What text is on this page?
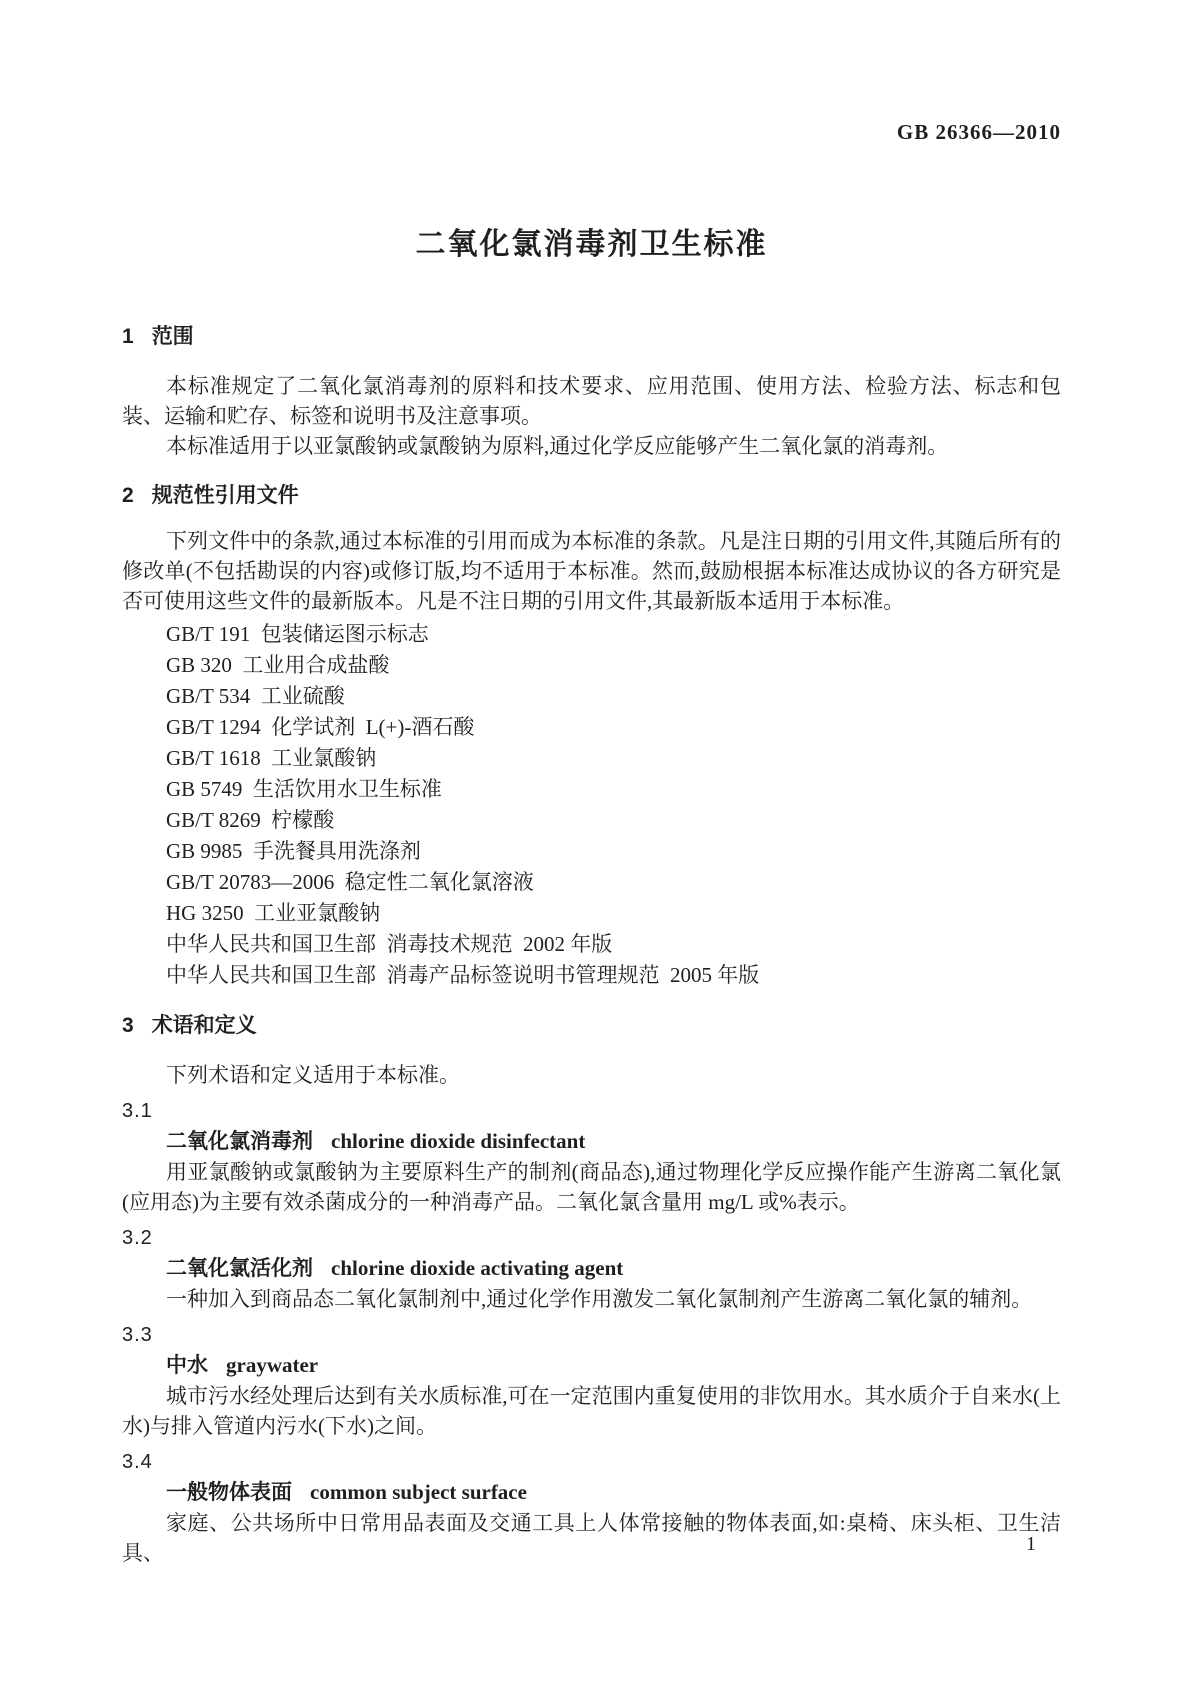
GB 26366—2010
二氧化氯消毒剂卫生标准
1 范围

本标准规定了二氧化氯消毒剂的原料和技术要求、应用范围、使用方法、检验方法、标志和包装、运输和贮存、标签和说明书及注意事项。

本标准适用于以亚氯酸钠或氯酸钠为原料,通过化学反应能够产生二氧化氯的消毒剂。

2 规范性引用文件

下列文件中的条款,通过本标准的引用而成为本标准的条款。凡是注日期的引用文件,其随后所有的修改单(不包括勘误的内容)或修订版,均不适用于本标准。然而,鼓励根据本标准达成协议的各方研究是否可使用这些文件的最新版本。凡是不注日期的引用文件,其最新版本适用于本标准。

GB/T 191  包装储运图示标志
GB 320  工业用合成盐酸
GB/T 534  工业硫酸
GB/T 1294  化学试剂  L(+)-酒石酸
GB/T 1618  工业氯酸钠
GB 5749  生活饮用水卫生标准
GB/T 8269  柠檬酸
GB 9985  手洗餐具用洗涤剂
GB/T 20783—2006  稳定性二氧化氯溶液
HG 3250  工业亚氯酸钠
中华人民共和国卫生部  消毒技术规范  2002 年版
中华人民共和国卫生部  消毒产品标签说明书管理规范  2005 年版
3 术语和定义

下列术语和定义适用于本标准。

3.1
二氧化氯消毒剂 chlorine dioxide disinfectant

用亚氯酸钠或氯酸钠为主要原料生产的制剂(商品态),通过物理化学反应操作能产生游离二氧化氯(应用态)为主要有效杀菌成分的一种消毒产品。二氧化氯含量用 mg/L 或%表示。

3.2
二氧化氯活化剂 chlorine dioxide activating agent

一种加入到商品态二氧化氯制剂中,通过化学作用激发二氧化氯制剂产生游离二氧化氯的辅剂。

3.3
中水 graywater

城市污水经处理后达到有关水质标准,可在一定范围内重复使用的非饮用水。其水质介于自来水(上水)与排入管道内污水(下水)之间。

3.4
一般物体表面 common subject surface

家庭、公共场所中日常用品表面及交通工具上人体常接触的物体表面,如:桌椅、床头柜、卫生洁具、	1
